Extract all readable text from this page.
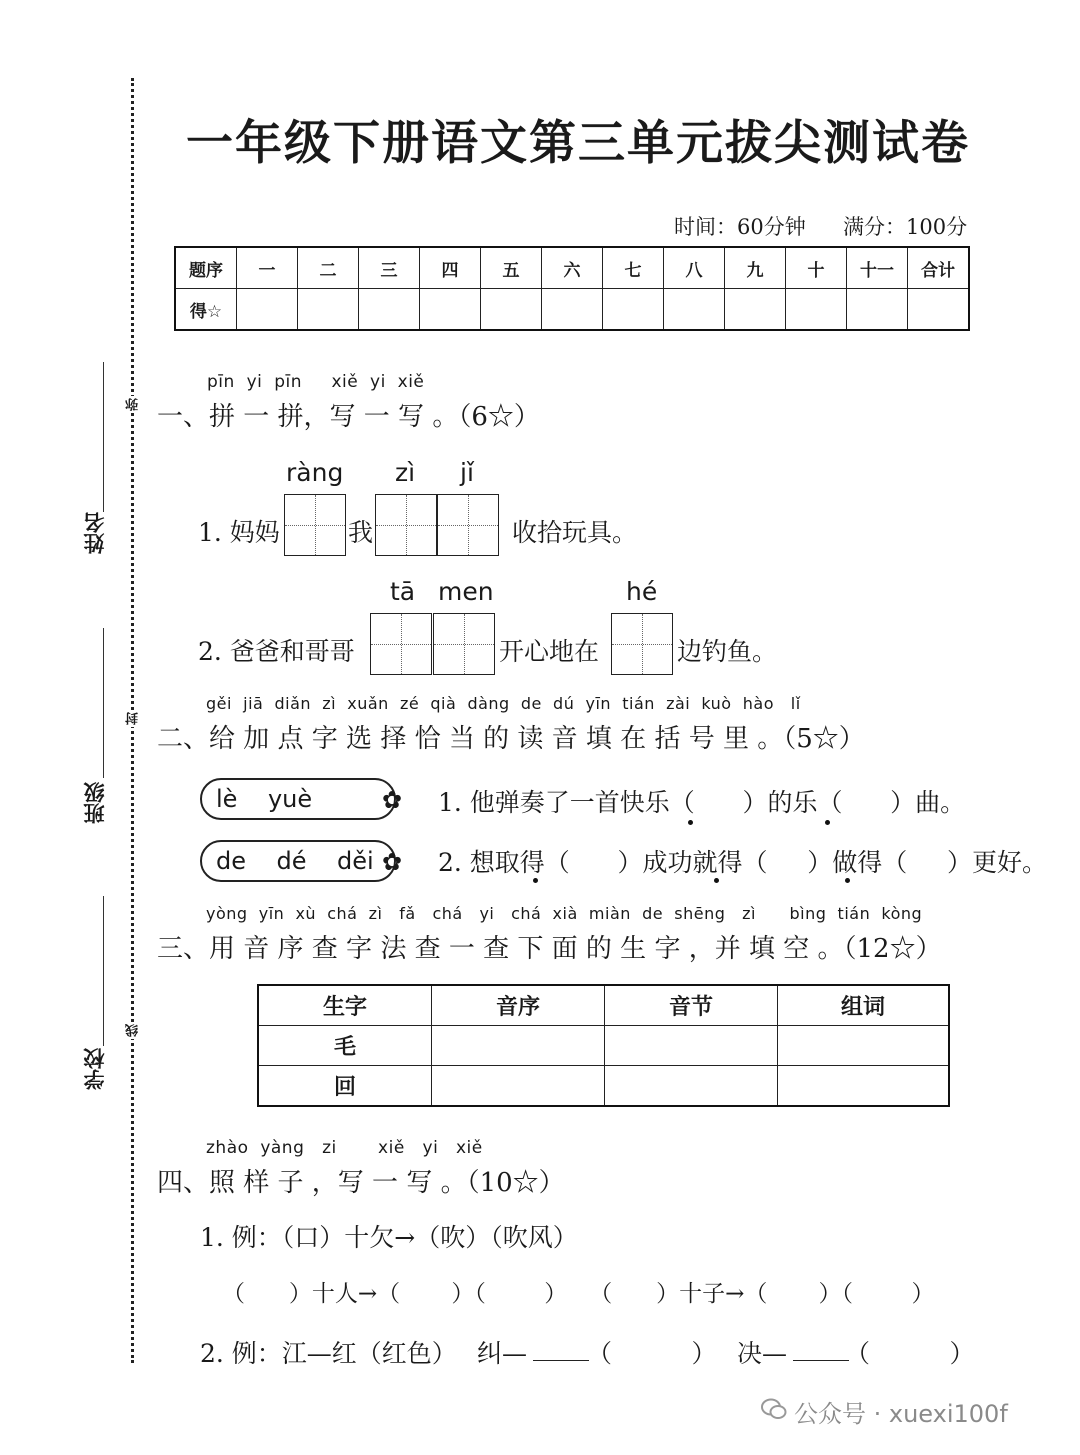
姓名
班级
学校
弥
封
线
一年级下册语文第三单元拔尖测试卷
时间：60分钟 满分：100分
题序	一	二	三	四	五	六	七	八	九	十	十一	合计
得☆												
pīn  yi  pīn     xiě  yi  xiě
一、拼 一 拼，写 一 写 。（6☆）
ràng zì jǐ
1. 妈妈	我	收拾玩具。
tā men	hé
2. 爸爸和哥哥	开心地在	边钓鱼。
gěi  jiā  diǎn  zì  xuǎn  zé  qià  dàng  de  dú  yīn  tián  zài  kuò  hào   lǐ
二、给 加 点 字 选 择 恰 当 的 读 音 填 在 括 号 里 。（5☆）
lè    yuè	✿ 1. 他弹奏了一首快乐（      ）的乐（      ）曲。
de    dé    děi ✿ 2. 想取得（      ）成功就得（     ）做得（     ）更好。
yòng  yīn  xù  chá  zì   fǎ   chá   yi   chá  xià  miàn  de  shēng   zì      bìng  tián  kòng
三、用 音 序 查 字 法 查 一 查 下 面 的 生 字 ，并 填 空 。（12☆）
生字	音序	音节	组词
毛			
回			
zhào  yàng   zi       xiě   yi   xiě
四、照 样 子 ，写 一 写 。（10☆）
1. 例：（口）十欠→（吹）（吹风）
（      ）十人→（       ）（        ）   （      ）十子→（       ）（        ）
2. 例：江—红（红色） 纠— （          ） 决— （          ）
公众号 · xuexi100f
